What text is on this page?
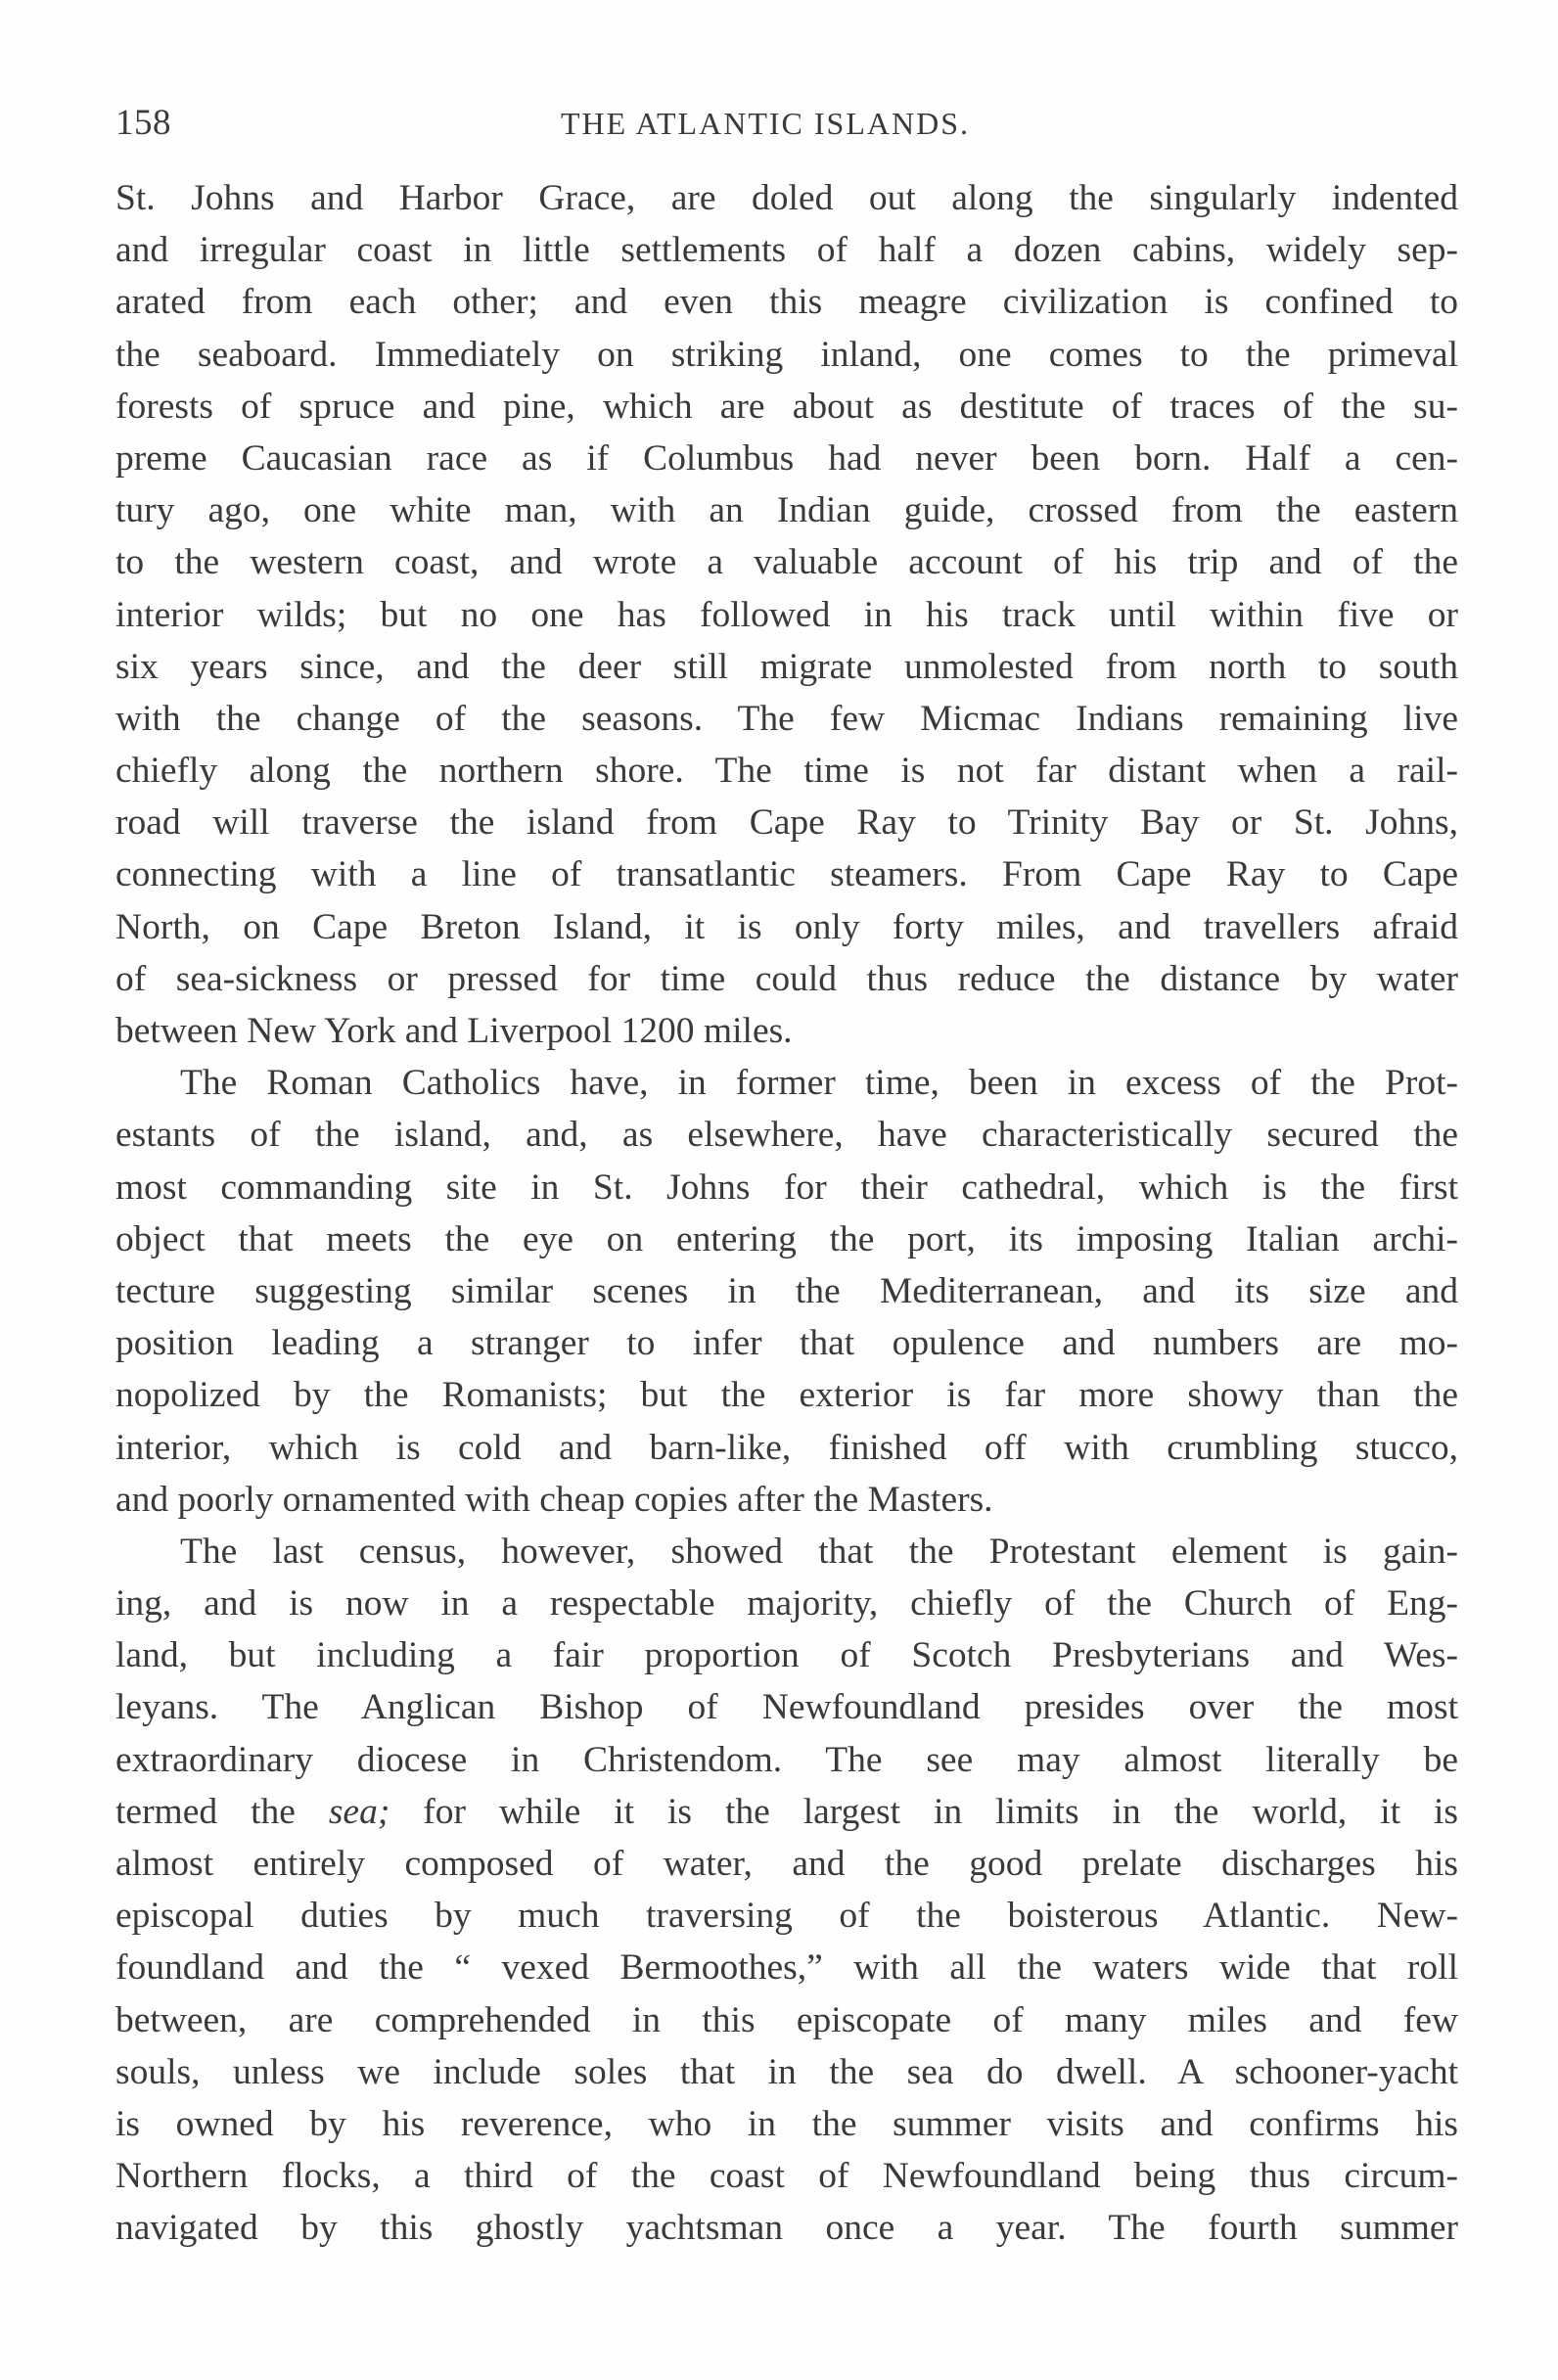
158	THE ATLANTIC ISLANDS.
St. Johns and Harbor Grace, are doled out along the singularly indented
and irregular coast in little settlements of half a dozen cabins, widely sep-
arated from each other; and even this meagre civilization is confined to
the seaboard. Immediately on striking inland, one comes to the primeval
forests of spruce and pine, which are about as destitute of traces of the su-
preme Caucasian race as if Columbus had never been born. Half a cen-
tury ago, one white man, with an Indian guide, crossed from the eastern
to the western coast, and wrote a valuable account of his trip and of the
interior wilds; but no one has followed in his track until within five or
six years since, and the deer still migrate unmolested from north to south
with the change of the seasons. The few Micmac Indians remaining live
chiefly along the northern shore. The time is not far distant when a rail-
road will traverse the island from Cape Ray to Trinity Bay or St. Johns,
connecting with a line of transatlantic steamers. From Cape Ray to Cape
North, on Cape Breton Island, it is only forty miles, and travellers afraid
of sea-sickness or pressed for time could thus reduce the distance by water
between New York and Liverpool 1200 miles.
The Roman Catholics have, in former time, been in excess of the Prot-
estants of the island, and, as elsewhere, have characteristically secured the
most commanding site in St. Johns for their cathedral, which is the first
object that meets the eye on entering the port, its imposing Italian archi-
tecture suggesting similar scenes in the Mediterranean, and its size and
position leading a stranger to infer that opulence and numbers are mo-
nopolized by the Romanists; but the exterior is far more showy than the
interior, which is cold and barn-like, finished off with crumbling stucco,
and poorly ornamented with cheap copies after the Masters.
The last census, however, showed that the Protestant element is gain-
ing, and is now in a respectable majority, chiefly of the Church of Eng-
land, but including a fair proportion of Scotch Presbyterians and Wes-
leyans. The Anglican Bishop of Newfoundland presides over the most
extraordinary diocese in Christendom. The see may almost literally be
termed the sea; for while it is the largest in limits in the world, it is
almost entirely composed of water, and the good prelate discharges his
episcopal duties by much traversing of the boisterous Atlantic. New-
foundland and the “ vexed Bermoothes,” with all the waters wide that roll
between, are comprehended in this episcopate of many miles and few
souls, unless we include soles that in the sea do dwell. A schooner-yacht
is owned by his reverence, who in the summer visits and confirms his
Northern flocks, a third of the coast of Newfoundland being thus circum-
navigated by this ghostly yachtsman once a year. The fourth summer
